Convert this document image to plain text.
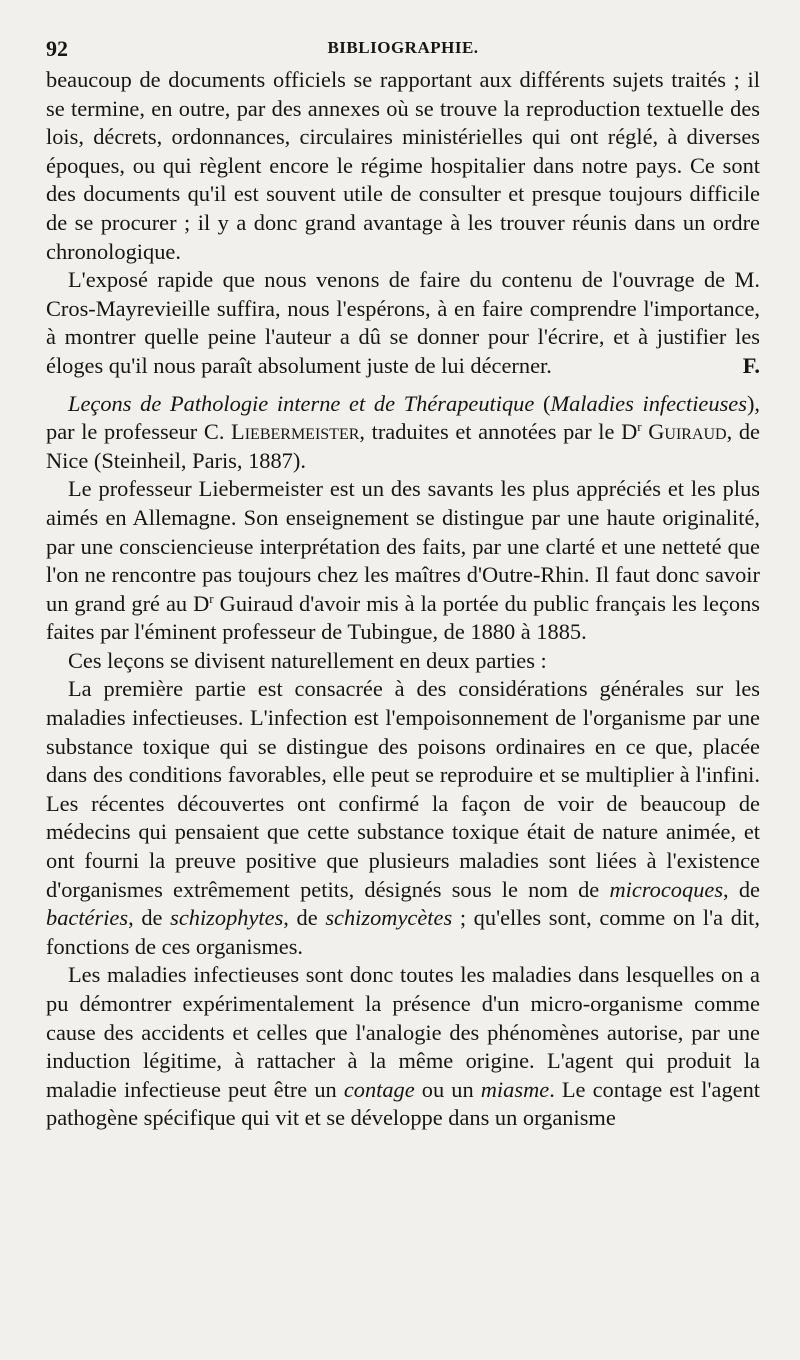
92	BIBLIOGRAPHIE.

beaucoup de documents officiels se rapportant aux différents sujets traités ; il se termine, en outre, par des annexes où se trouve la reproduction textuelle des lois, décrets, ordonnances, circulaires ministérielles qui ont réglé, à diverses époques, ou qui règlent encore le régime hospitalier dans notre pays. Ce sont des documents qu'il est souvent utile de consulter et presque toujours difficile de se procurer ; il y a donc grand avantage à les trouver réunis dans un ordre chronologique.

L'exposé rapide que nous venons de faire du contenu de l'ouvrage de M. Cros-Mayrevieille suffira, nous l'espérons, à en faire comprendre l'importance, à montrer quelle peine l'auteur a dû se donner pour l'écrire, et à justifier les éloges qu'il nous paraît absolument juste de lui décerner.	F.

Leçons de Pathologie interne et de Thérapeutique (Maladies infectieuses), par le professeur C. Liebermeister, traduites et annotées par le $D^r$ Guiraud, de Nice (Steinheil, Paris, 1887).

Le professeur Liebermeister est un des savants les plus appréciés et les plus aimés en Allemagne. Son enseignement se distingue par une haute originalité, par une consciencieuse interprétation des faits, par une clarté et une netteté que l'on ne rencontre pas toujours chez les maîtres d'Outre-Rhin. Il faut donc savoir un grand gré au $D^r$ Guiraud d'avoir mis à la portée du public français les leçons faites par l'éminent professeur de Tubingue, de 1880 à 1885.

Ces leçons se divisent naturellement en deux parties :

La première partie est consacrée à des considérations générales sur les maladies infectieuses. L'infection est l'empoisonnement de l'organisme par une substance toxique qui se distingue des poisons ordinaires en ce que, placée dans des conditions favorables, elle peut se reproduire et se multiplier à l'infini. Les récentes découvertes ont confirmé la façon de voir de beaucoup de médecins qui pensaient que cette substance toxique était de nature animée, et ont fourni la preuve positive que plusieurs maladies sont liées à l'existence d'organismes extrêmement petits, désignés sous le nom de microcoques, de bactéries, de schizophytes, de schizomycètes ; qu'elles sont, comme on l'a dit, fonctions de ces organismes.

Les maladies infectieuses sont donc toutes les maladies dans lesquelles on a pu démontrer expérimentalement la présence d'un micro-organisme comme cause des accidents et celles que l'analogie des phénomènes autorise, par une induction légitime, à rattacher à la même origine. L'agent qui produit la maladie infectieuse peut être un contage ou un miasme. Le contage est l'agent pathogène spécifique qui vit et se développe dans un organisme
